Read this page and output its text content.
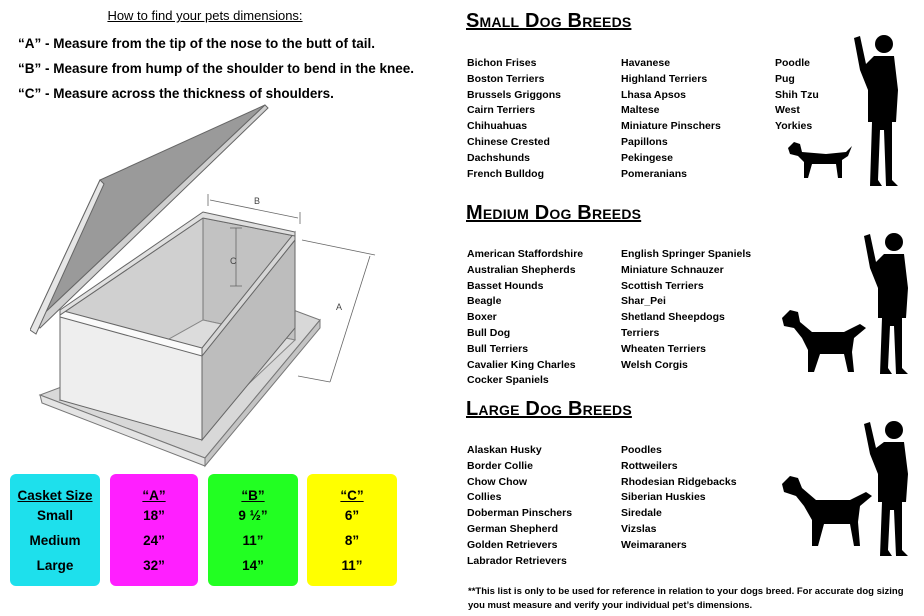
How to find your pets dimensions:
“A” - Measure from the tip of the nose to the butt of tail.
“B” - Measure from hump of the shoulder to bend in the knee.
“C” - Measure across the thickness of shoulders.
B
C
A
Casket Size
Small
Medium
Large
“A”
18”
24”
32”
“B”
9 ½”
11”
14”
“C”
6”
8”
11”
Small Dog Breeds
Bichon Frises
Boston Terriers
Brussels Griggons
Cairn Terriers
Chihuahuas
Chinese Crested
Dachshunds
French Bulldog
Havanese
Highland Terriers
Lhasa Apsos
Maltese
Miniature Pinschers
Papillons
Pekingese
Pomeranians
Poodle
Pug
Shih Tzu
West
Yorkies
Medium Dog Breeds
American Staffordshire
Australian Shepherds
Basset Hounds
Beagle
Boxer
Bull Dog
Bull Terriers
Cavalier King Charles
Cocker Spaniels
English Springer Spaniels
Miniature Schnauzer
Scottish Terriers
Shar_Pei
Shetland Sheepdogs
Terriers
Wheaten Terriers
Welsh Corgis
Large Dog Breeds
Alaskan Husky
Border Collie
Chow Chow
Collies
Doberman Pinschers
German Shepherd
Golden Retrievers
Labrador Retrievers
Poodles
Rottweilers
Rhodesian Ridgebacks
Siberian Huskies
Siredale
Vizslas
Weimaraners
**This list is only to be used for reference in relation to your dogs breed. For accurate dog sizing you must measure and verify your individual pet’s dimensions.
